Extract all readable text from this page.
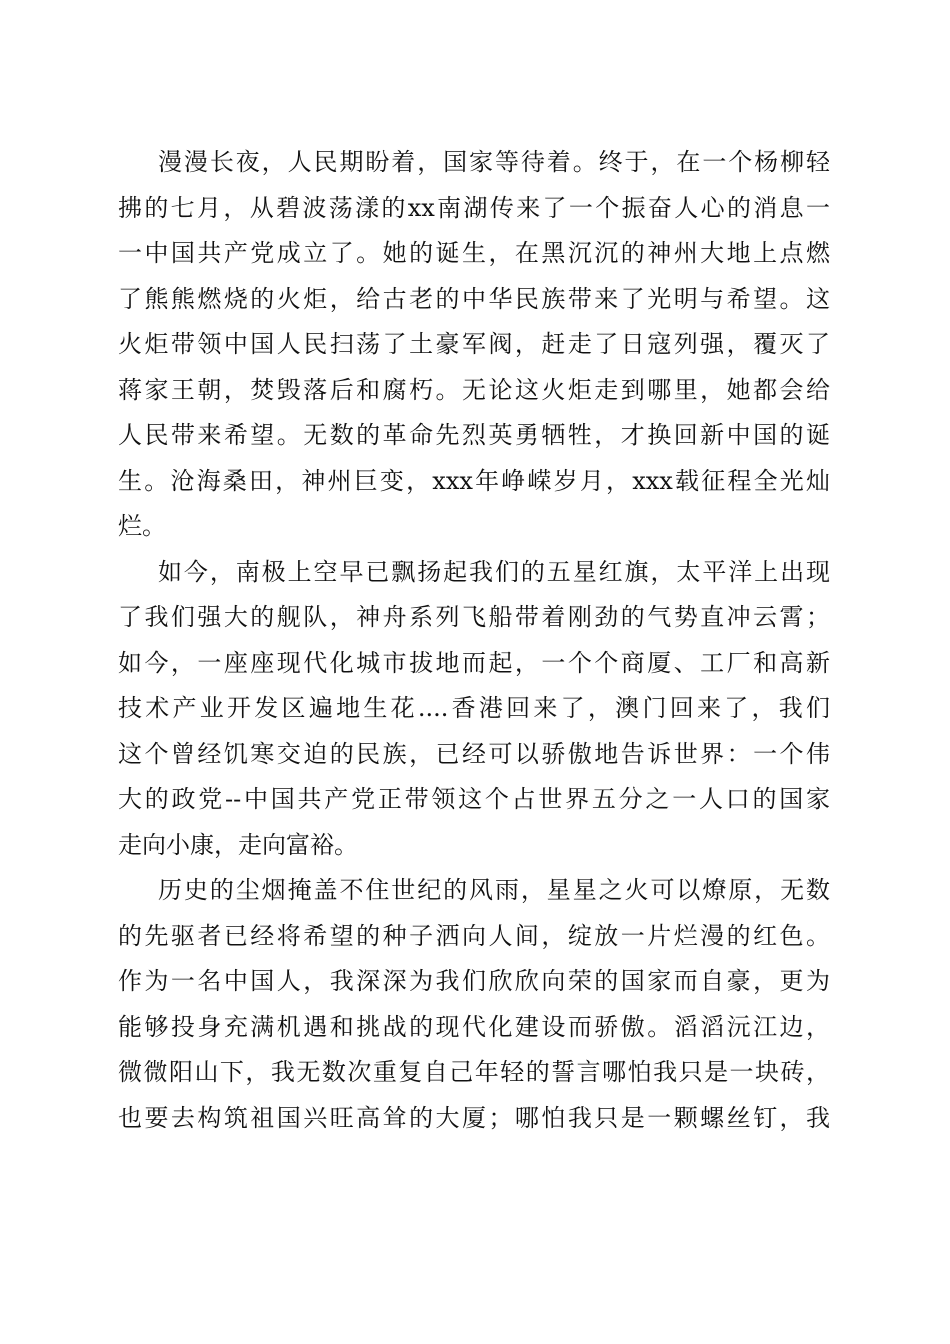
漫漫长夜，人民期盼着，国家等待着。终于，在一个杨柳轻
拂的七月，从碧波荡漾的xx南湖传来了一个振奋人心的消息一
一中国共产党成立了。她的诞生，在黑沉沉的神州大地上点燃
了熊熊燃烧的火炬，给古老的中华民族带来了光明与希望。这
火炬带领中国人民扫荡了土豪军阀，赶走了日寇列强，覆灭了
蒋家王朝，焚毁落后和腐朽。无论这火炬走到哪里，她都会给
人民带来希望。无数的革命先烈英勇牺牲，才换回新中国的诞
生。沧海桑田，神州巨变，xxx年峥嵘岁月，xxx载征程全光灿
烂。
如今，南极上空早已飘扬起我们的五星红旗，太平洋上出现
了我们强大的舰队，神舟系列飞船带着刚劲的气势直冲云霄；
如今，一座座现代化城市拔地而起，一个个商厦、工厂和高新
技术产业开发区遍地生花....香港回来了，澳门回来了，我们
这个曾经饥寒交迫的民族，已经可以骄傲地告诉世界：一个伟
大的政党--中国共产党正带领这个占世界五分之一人口的国家
走向小康，走向富裕。
历史的尘烟掩盖不住世纪的风雨，星星之火可以燎原，无数
的先驱者已经将希望的种子洒向人间，绽放一片烂漫的红色。
作为一名中国人，我深深为我们欣欣向荣的国家而自豪，更为
能够投身充满机遇和挑战的现代化建设而骄傲。滔滔沅江边，
微微阳山下，我无数次重复自己年轻的誓言哪怕我只是一块砖，
也要去构筑祖国兴旺高耸的大厦；哪怕我只是一颗螺丝钉，我
